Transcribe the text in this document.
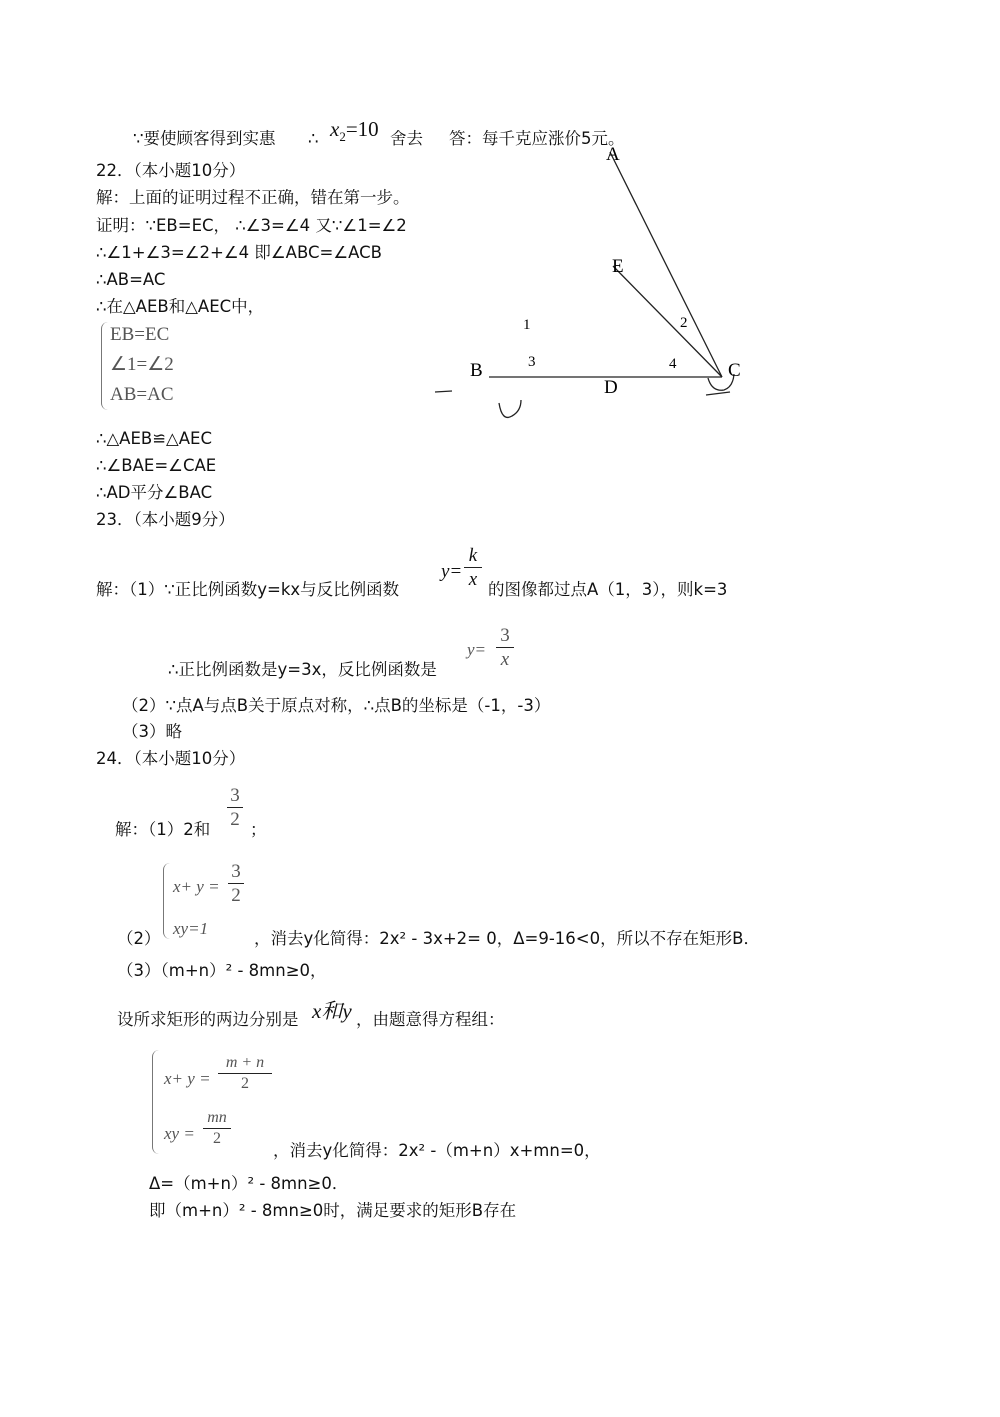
∵要使顾客得到实惠 ∴ $x_2=10$ 舍去 答：每千克应涨价5元。
22．（本小题10分）
解：上面的证明过程不正确，错在第一步。
证明：∵EB=EC， ∴∠3=∠4 又∵∠1=∠2
∴∠1+∠3=∠2+∠4 即∠ABC=∠ACB
∴AB=AC
∴在△AEB和△AEC中，
EB=EC
∠1=∠2
AB=AC
∴△AEB≌△AEC
∴∠BAE=∠CAE
∴AD平分∠BAC
A
E
B	C
D
1	2
3	4
23．（本小题9分）
解：（1）∵正比例函数y=kx与反比例函数
y=
k
x 的图像都过点A（1，3），则k=3
∴正比例函数是y=3x，反比例函数是
y=
3
x
（2）∵点A与点B关于原点对称，∴点B的坐标是（-1，-3）
（3）略
24．（本小题10分）
解：（1）2和
3
2 ；
x+ y =
3
2
xy=1
（2）	，消去y化简得：2x² - 3x+2= 0，Δ=9-16<0，所以不存在矩形B．
（3）（m+n）² - 8mn≥0，
设所求矩形的两边分别是 x和y ，由题意得方程组：
x+ y =
m + n
2
xy =
mn
2
，消去y化简得：2x² -（m+n）x+mn=0，
Δ=（m+n）² - 8mn≥0．
即（m+n）² - 8mn≥0时，满足要求的矩形B存在
